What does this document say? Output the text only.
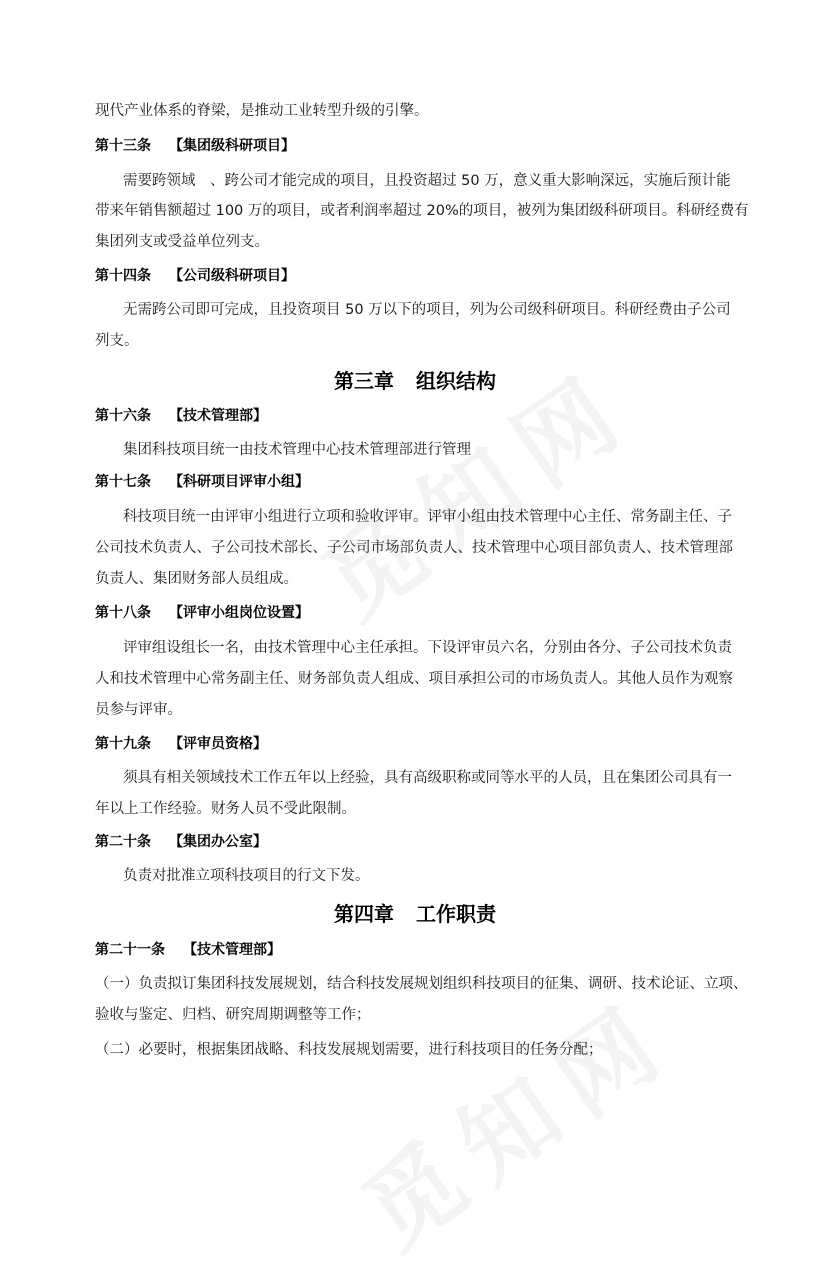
现代产业体系的脊梁，是推动工业转型升级的引擎。
第十三条 【集团级科研项目】
需要跨领域　、跨公司才能完成的项目，且投资超过 50 万，意义重大影响深远，实施后预计能
带来年销售额超过 100 万的项目，或者利润率超过 20%的项目，被列为集团级科研项目。科研经费有
集团列支或受益单位列支。
第十四条 【公司级科研项目】
无需跨公司即可完成，且投资项目 50 万以下的项目，列为公司级科研项目。科研经费由子公司
列支。
第三章 组织结构
第十六条 【技术管理部】
集团科技项目统一由技术管理中心技术管理部进行管理
第十七条 【科研项目评审小组】
科技项目统一由评审小组进行立项和验收评审。评审小组由技术管理中心主任、常务副主任、子
公司技术负责人、子公司技术部长、子公司市场部负责人、技术管理中心项目部负责人、技术管理部
负责人、集团财务部人员组成。
第十八条 【评审小组岗位设置】
评审组设组长一名，由技术管理中心主任承担。下设评审员六名，分别由各分、子公司技术负责
人和技术管理中心常务副主任、财务部负责人组成、项目承担公司的市场负责人。其他人员作为观察
员参与评审。
第十九条 【评审员资格】
须具有相关领域技术工作五年以上经验，具有高级职称或同等水平的人员，且在集团公司具有一
年以上工作经验。财务人员不受此限制。
第二十条 【集团办公室】
负责对批准立项科技项目的行文下发。
第四章 工作职责
第二十一条 【技术管理部】
（一）负责拟订集团科技发展规划，结合科技发展规划组织科技项目的征集、调研、技术论证、立项、
验收与鉴定、归档、研究周期调整等工作；
（二）必要时，根据集团战略、科技发展规划需要，进行科技项目的任务分配；
